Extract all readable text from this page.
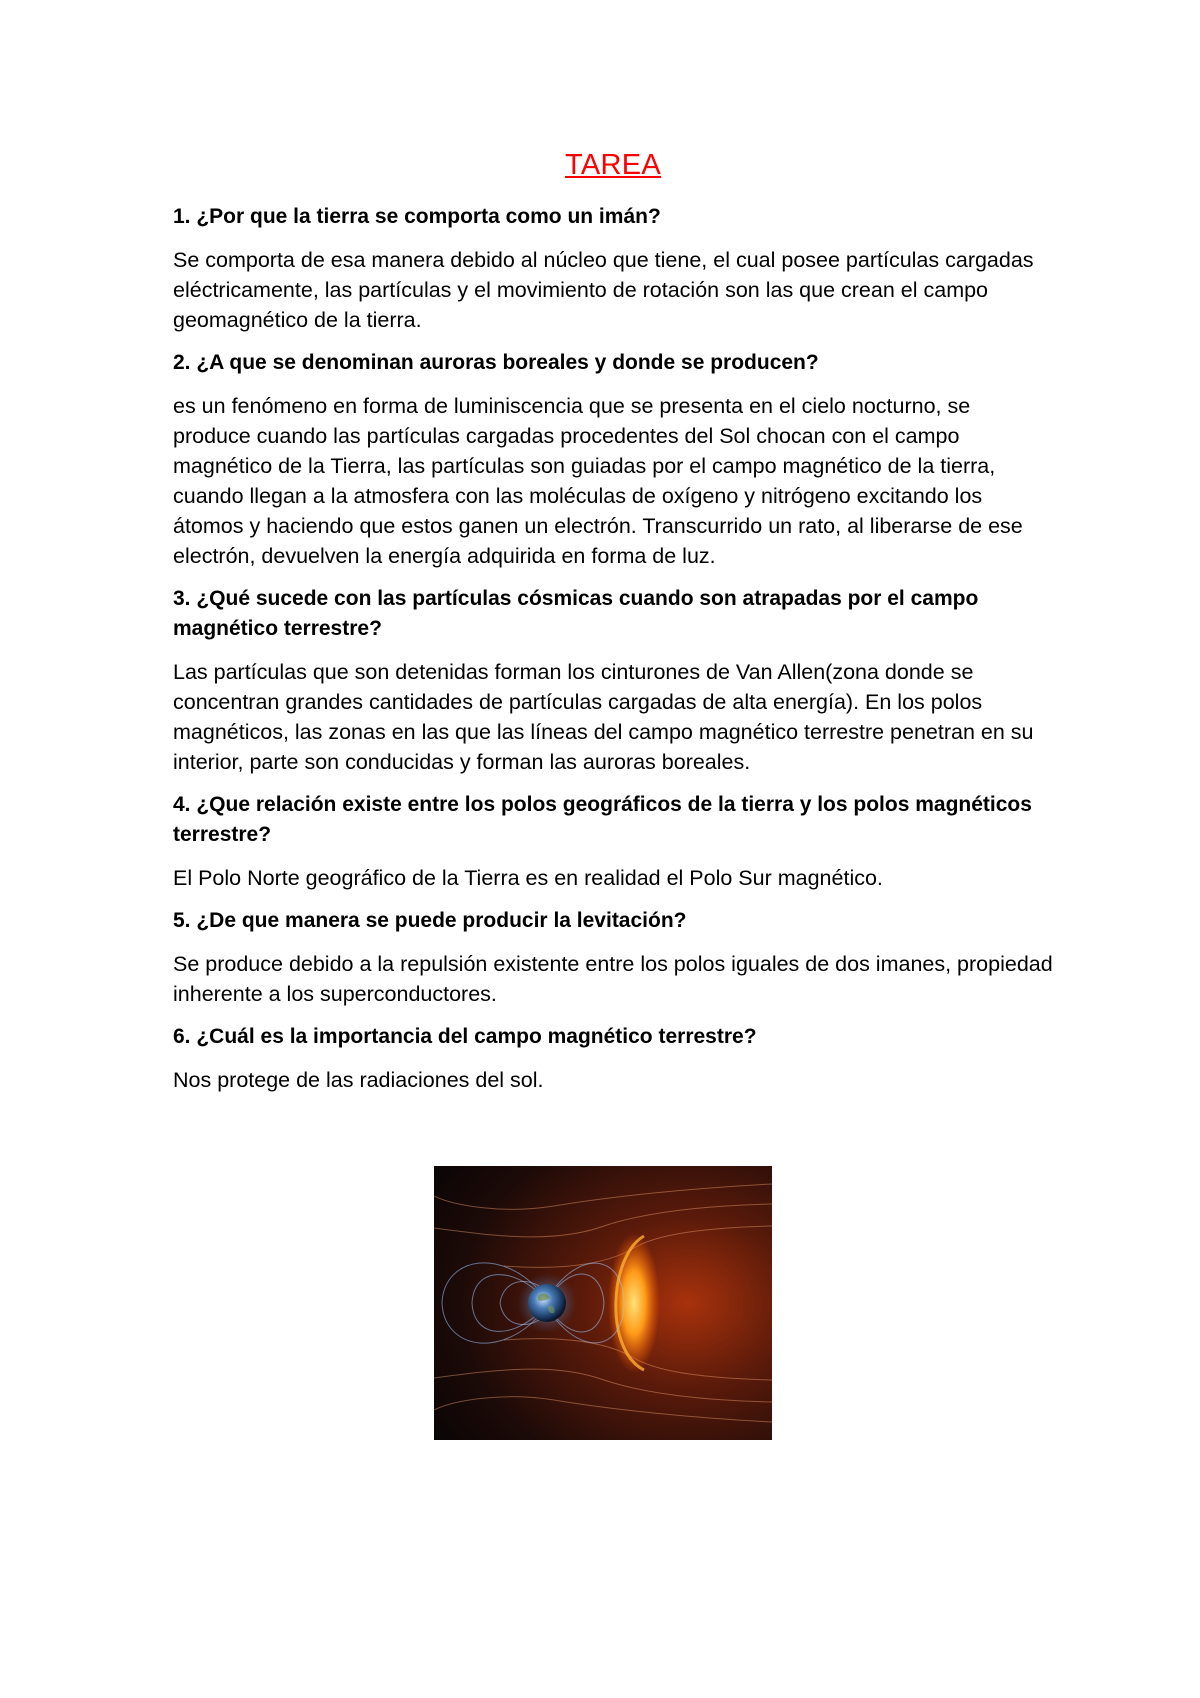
TAREA
1. ¿Por que la tierra se comporta como un imán?
Se comporta de esa manera debido al núcleo que tiene, el cual posee partículas cargadas eléctricamente, las partículas y el movimiento de rotación son las que crean el campo geomagnético de la tierra.
2. ¿A que se denominan auroras boreales y donde se producen?
es un fenómeno en forma de luminiscencia que se presenta en el cielo nocturno, se produce cuando las partículas cargadas procedentes del Sol chocan con el campo magnético de la Tierra, las partículas son guiadas por el campo magnético de la tierra, cuando llegan a la atmosfera con las moléculas de oxígeno y nitrógeno excitando los átomos y haciendo que estos ganen un electrón. Transcurrido un rato, al liberarse de ese electrón, devuelven la energía adquirida en forma de luz.
3. ¿Qué sucede con las partículas cósmicas cuando son atrapadas por el campo magnético terrestre?
Las partículas que son detenidas forman los cinturones de Van Allen(zona donde se concentran grandes cantidades de partículas cargadas de alta energía). En los polos magnéticos, las zonas en las que las líneas del campo magnético terrestre penetran en su interior, parte son conducidas y forman las auroras boreales.
4. ¿Que relación existe entre los polos geográficos de la tierra y los polos magnéticos terrestre?
El Polo Norte geográfico de la Tierra es en realidad el Polo Sur magnético.
5. ¿De que manera se puede producir la levitación?
Se produce debido a la repulsión existente entre los polos iguales de dos imanes, propiedad inherente a los superconductores.
6. ¿Cuál es la importancia del campo magnético terrestre?
Nos protege de las radiaciones del sol.
